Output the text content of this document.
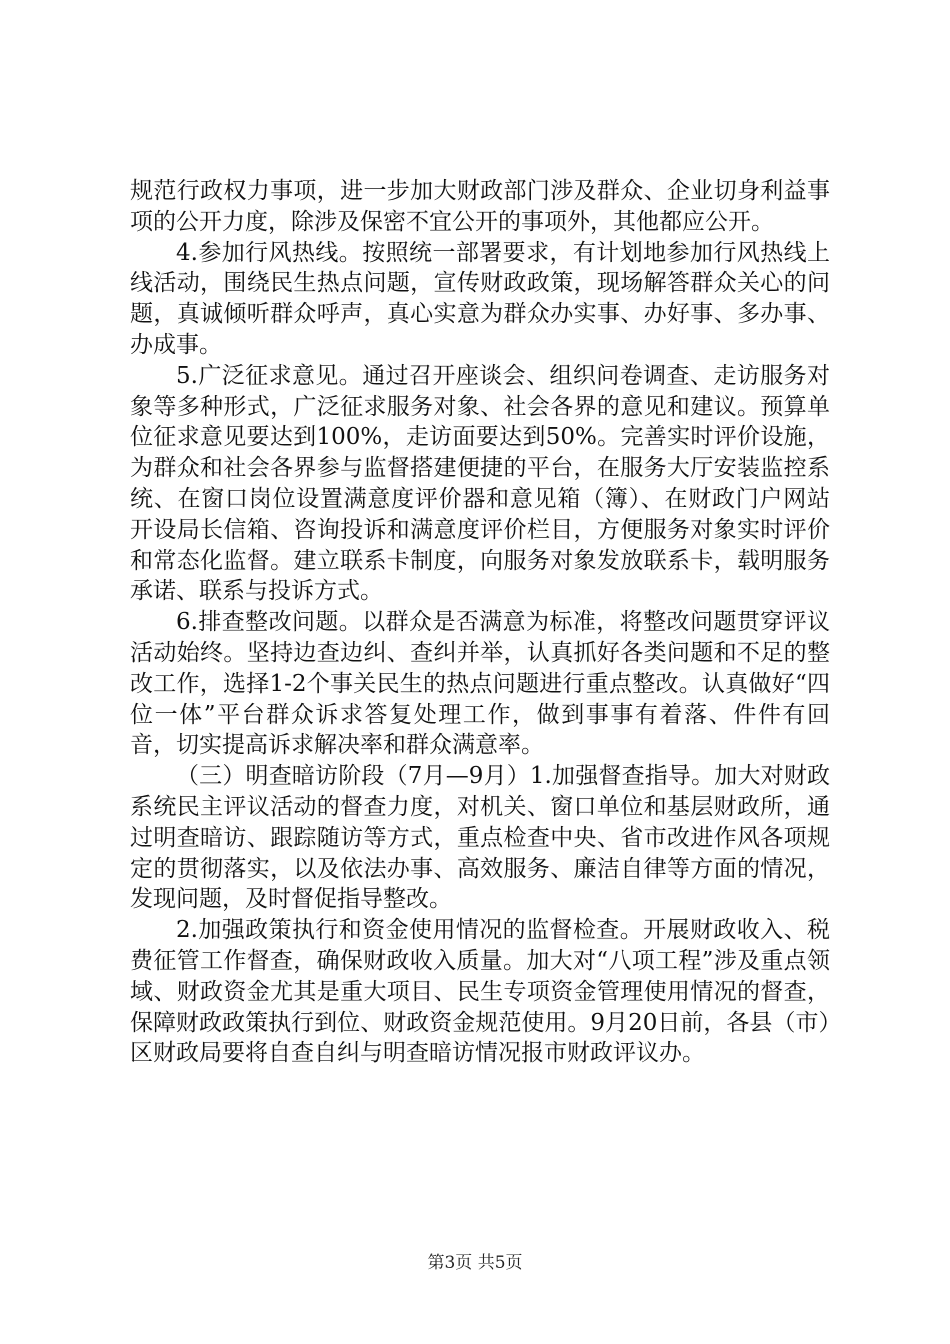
规范行政权力事项，进一步加大财政部门涉及群众、企业切身利益事项的公开力度，除涉及保密不宜公开的事项外，其他都应公开。

4.参加行风热线。按照统一部署要求，有计划地参加行风热线上线活动，围绕民生热点问题，宣传财政政策，现场解答群众关心的问题，真诚倾听群众呼声，真心实意为群众办实事、办好事、多办事、办成事。

5.广泛征求意见。通过召开座谈会、组织问卷调查、走访服务对象等多种形式，广泛征求服务对象、社会各界的意见和建议。预算单位征求意见要达到100%，走访面要达到50%。完善实时评价设施，为群众和社会各界参与监督搭建便捷的平台，在服务大厅安装监控系统、在窗口岗位设置满意度评价器和意见箱（簿）、在财政门户网站开设局长信箱、咨询投诉和满意度评价栏目，方便服务对象实时评价和常态化监督。建立联系卡制度，向服务对象发放联系卡，载明服务承诺、联系与投诉方式。

6.排查整改问题。以群众是否满意为标准，将整改问题贯穿评议活动始终。坚持边查边纠、查纠并举，认真抓好各类问题和不足的整改工作，选择1-2个事关民生的热点问题进行重点整改。认真做好“四位一体”平台群众诉求答复处理工作，做到事事有着落、件件有回音，切实提高诉求解决率和群众满意率。

（三）明查暗访阶段（7月—9月）1.加强督查指导。加大对财政系统民主评议活动的督查力度，对机关、窗口单位和基层财政所，通过明查暗访、跟踪随访等方式，重点检查中央、省市改进作风各项规定的贯彻落实，以及依法办事、高效服务、廉洁自律等方面的情况，发现问题，及时督促指导整改。

2.加强政策执行和资金使用情况的监督检查。开展财政收入、税费征管工作督查，确保财政收入质量。加大对“八项工程”涉及重点领域、财政资金尤其是重大项目、民生专项资金管理使用情况的督查，保障财政政策执行到位、财政资金规范使用。9月20日前，各县（市）区财政局要将自查自纠与明查暗访情况报市财政评议办。

第3页 共5页
